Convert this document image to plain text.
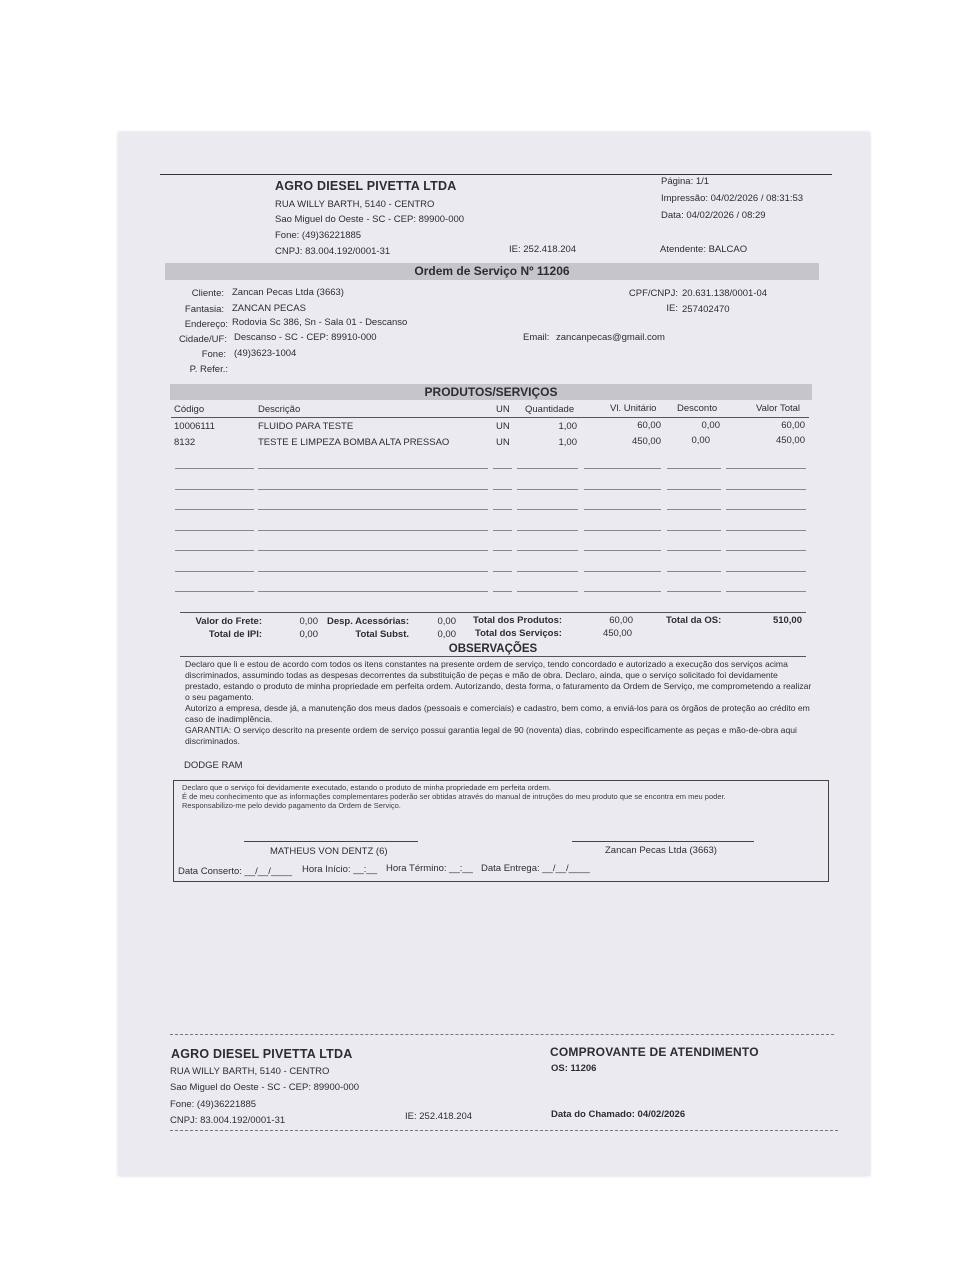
AGRO DIESEL PIVETTA LTDA
RUA WILLY BARTH, 5140 - CENTRO
Sao Miguel do Oeste - SC - CEP: 89900-000
Fone: (49)36221885
CNPJ: 83.004.192/0001-31	IE: 252.418.204
Página: 1/1
Impressão: 04/02/2026 / 08:31:53
Data: 04/02/2026 / 08:29
Atendente: BALCAO
Ordem de Serviço Nº 11206
Cliente: Zancan Pecas Ltda (3663)
Fantasia: ZANCAN PECAS
Endereço: Rodovia Sc 386, Sn - Sala 01 - Descanso
Cidade/UF: Descanso - SC - CEP: 89910-000
Fone: (49)3623-1004
P. Refer.:
CPF/CNPJ: 20.631.138/0001-04
IE: 257402470
Email: zancanpecas@gmail.com
PRODUTOS/SERVIÇOS
Código	Descrição	UN Quantidade	Vl. Unitário Desconto	Valor Total
10006111	FLUIDO PARA TESTE	UN	1,00	60,00	0,00	60,00
8132	TESTE E LIMPEZA BOMBA ALTA PRESSAO	UN	1,00	450,00	0,00	450,00
Valor do Frete:	0,00
Total de IPI:	0,00
Desp. Acessórias:	0,00
Total Subst.	0,00
Total dos Produtos:	60,00
Total dos Serviços:	450,00
Total da OS:	510,00
OBSERVAÇÕES

Declaro que li e estou de acordo com todos os itens constantes na presente ordem de serviço, tendo concordado e autorizado a execução dos serviços acima discriminados, assumindo todas as despesas decorrentes da substituição de peças e mão de obra. Declaro, ainda, que o serviço solicitado foi devidamente prestado, estando o produto de minha propriedade em perfeita ordem. Autorizando, desta forma, o faturamento da Ordem de Serviço, me comprometendo a realizar o seu pagamento.

Autorizo a empresa, desde já, a manutenção dos meus dados (pessoais e comerciais) e cadastro, bem como, a enviá-los para os órgãos de proteção ao crédito em caso de inadimplência.

GARANTIA: O serviço descrito na presente ordem de serviço possui garantia legal de 90 (noventa) dias, cobrindo especificamente as peças e mão-de-obra aqui discriminados.

DODGE RAM
Declaro que o serviço foi devidamente executado, estando o produto de minha propriedade em perfeita ordem.
É de meu conhecimento que as informações complementares poderão ser obtidas através do manual de intruções do meu produto que se encontra em meu poder.
Responsabilizo-me pelo devido pagamento da Ordem de Serviço.
MATHEUS VON DENTZ (6)	Zancan Pecas Ltda (3663)
Data Conserto: __/__/____ Hora Início: __:__ Hora Término: __:__ Data Entrega: __/__/____
AGRO DIESEL PIVETTA LTDA
RUA WILLY BARTH, 5140 - CENTRO
Sao Miguel do Oeste - SC - CEP: 89900-000
Fone: (49)36221885
CNPJ: 83.004.192/0001-31	IE: 252.418.204
COMPROVANTE DE ATENDIMENTO
OS: 11206
Data do Chamado: 04/02/2026
